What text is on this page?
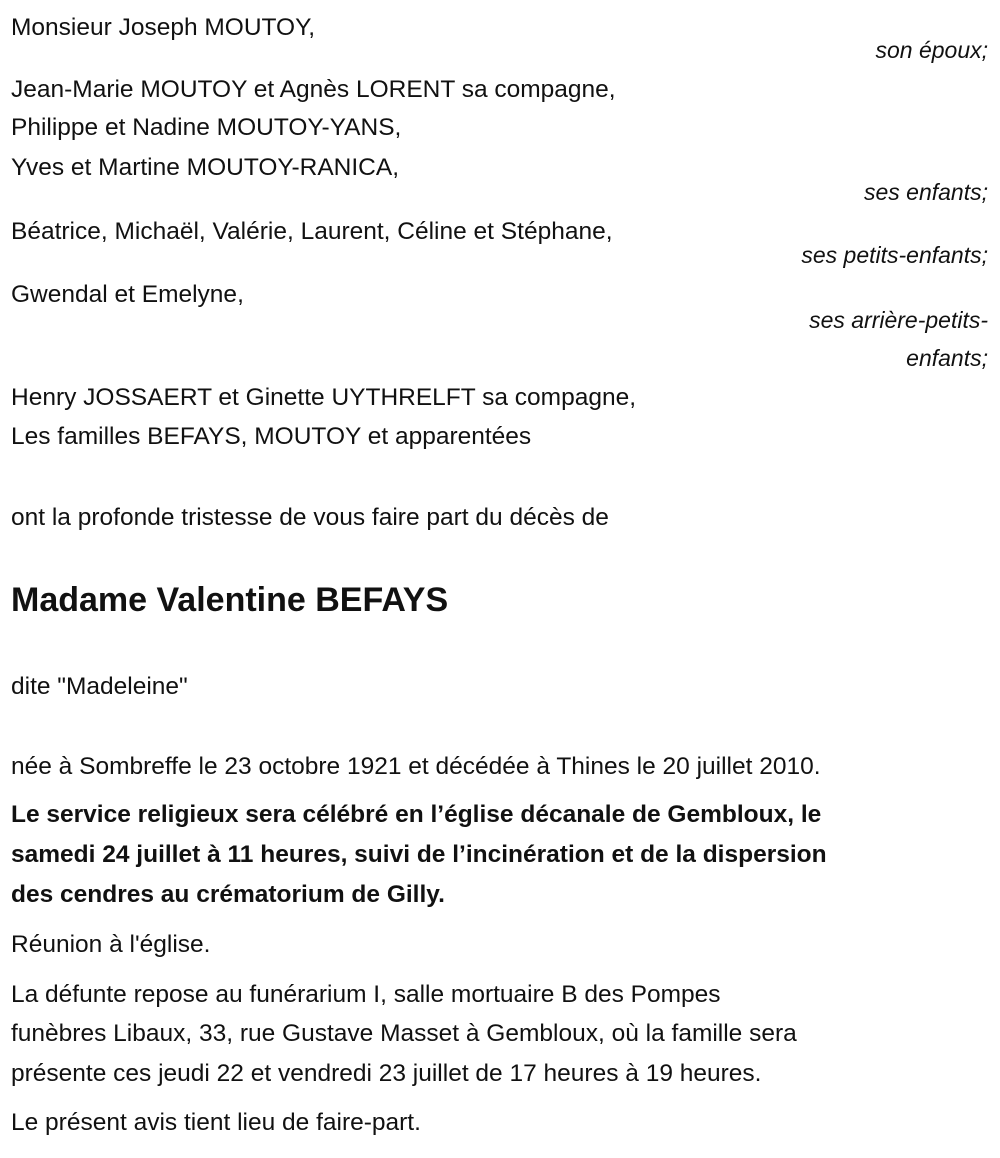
Monsieur Joseph MOUTOY,
son époux;
Jean-Marie MOUTOY et Agnès LORENT sa compagne,
Philippe et Nadine MOUTOY-YANS,
Yves et Martine MOUTOY-RANICA,
ses enfants;
Béatrice, Michaël, Valérie, Laurent, Céline et Stéphane,
ses petits-enfants;
Gwendal et Emelyne,
ses arrière-petits-
enfants;
Henry JOSSAERT et Ginette UYTHRELFT sa compagne,
Les familles BEFAYS, MOUTOY et apparentées
ont la profonde tristesse de vous faire part du décès de
Madame Valentine BEFAYS
dite "Madeleine"
née à Sombreffe le 23 octobre 1921 et décédée à Thines le 20 juillet 2010.
Le service religieux sera célébré en l’église décanale de Gembloux, le
samedi 24 juillet à 11 heures, suivi de l’incinération et de la dispersion
des cendres au crématorium de Gilly.
Réunion à l'église.
La défunte repose au funérarium I, salle mortuaire B des Pompes
funèbres Libaux, 33, rue Gustave Masset à Gembloux, où la famille sera
présente ces jeudi 22 et vendredi 23 juillet de 17 heures à 19 heures.
Le présent avis tient lieu de faire-part.
